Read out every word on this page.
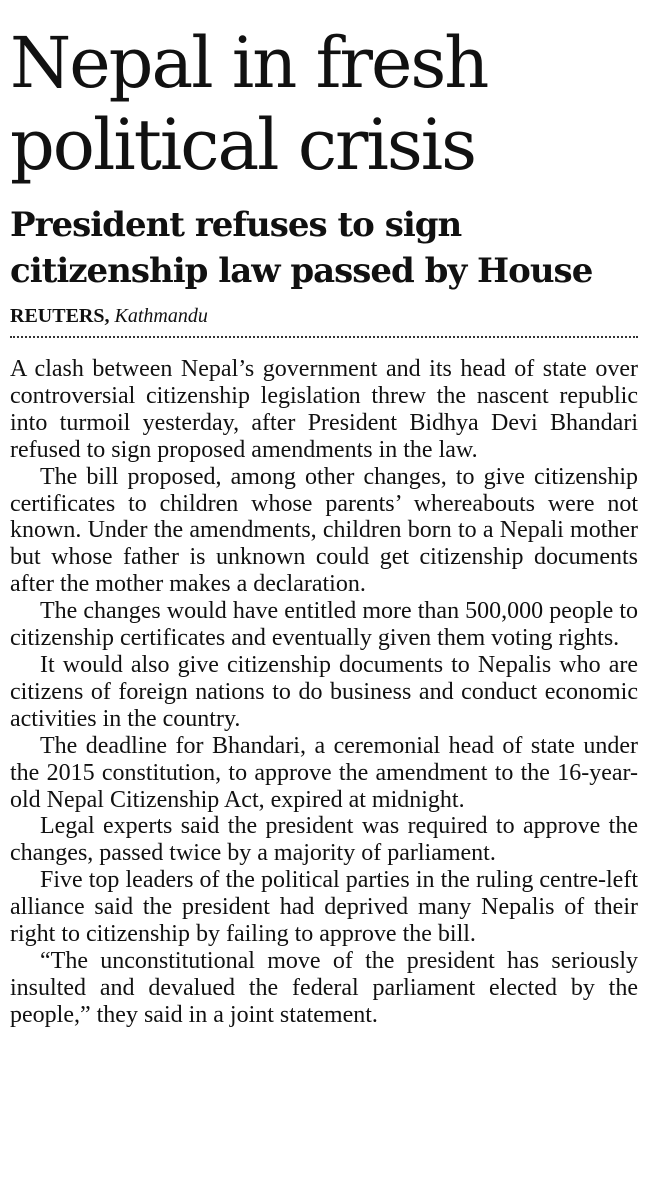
Nepal in fresh
political crisis
President refuses to sign
citizenship law passed by House
REUTERS, Kathmandu

A clash between Nepal’s government and its head of state over controversial citizenship legislation threw the nascent republic into turmoil yesterday, after President Bidhya Devi Bhandari refused to sign proposed amendments in the law.

The bill proposed, among other changes, to give citizenship certificates to children whose parents’ whereabouts were not known. Under the amendments, children born to a Nepali mother but whose father is unknown could get citizenship documents after the mother makes a declaration.

The changes would have entitled more than 500,000 people to citizenship certificates and eventually given them voting rights.

It would also give citizenship documents to Nepalis who are citizens of foreign nations to do business and conduct economic activities in the country.

The deadline for Bhandari, a ceremonial head of state under the 2015 constitution, to approve the amendment to the 16-year-old Nepal Citizenship Act, expired at midnight.

Legal experts said the president was required to approve the changes, passed twice by a majority of parliament.

Five top leaders of the political parties in the ruling centre-left alliance said the president had deprived many Nepalis of their right to citizenship by failing to approve the bill.

“The unconstitutional move of the president has seriously insulted and devalued the federal parliament elected by the people,” they said in a joint statement.
